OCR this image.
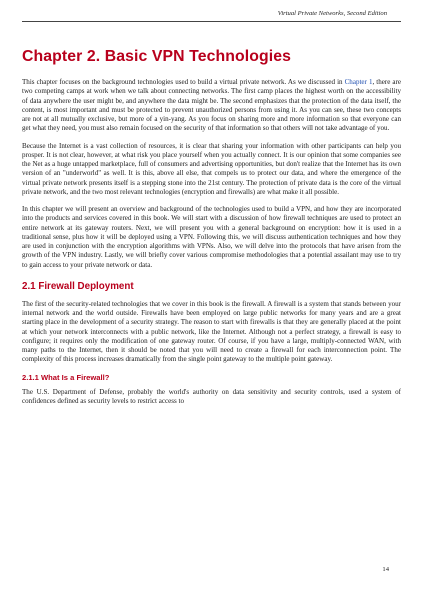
Virtual Private Networks, Second Edition
Chapter 2. Basic VPN Technologies

This chapter focuses on the background technologies used to build a virtual private network. As we discussed in Chapter 1, there are two competing camps at work when we talk about connecting networks. The first camp places the highest worth on the accessibility of data anywhere the user might be, and anywhere the data might be. The second emphasizes that the protection of the data itself, the content, is most important and must be protected to prevent unauthorized persons from using it. As you can see, these two concepts are not at all mutually exclusive, but more of a yin-yang. As you focus on sharing more and more information so that everyone can get what they need, you must also remain focused on the security of that information so that others will not take advantage of you.

Because the Internet is a vast collection of resources, it is clear that sharing your information with other participants can help you prosper. It is not clear, however, at what risk you place yourself when you actually connect. It is our opinion that some companies see the Net as a huge untapped marketplace, full of consumers and advertising opportunities, but don't realize that the Internet has its own version of an "underworld" as well. It is this, above all else, that compels us to protect our data, and where the emergence of the virtual private network presents itself is a stepping stone into the 21st century. The protection of private data is the core of the virtual private network, and the two most relevant technologies (encryption and firewalls) are what make it all possible.

In this chapter we will present an overview and background of the technologies used to build a VPN, and how they are incorporated into the products and services covered in this book. We will start with a discussion of how firewall techniques are used to protect an entire network at its gateway routers. Next, we will present you with a general background on encryption: how it is used in a traditional sense, plus how it will be deployed using a VPN. Following this, we will discuss authentication techniques and how they are used in conjunction with the encryption algorithms with VPNs. Also, we will delve into the protocols that have arisen from the growth of the VPN industry. Lastly, we will briefly cover various compromise methodologies that a potential assailant may use to try to gain access to your private network or data.

2.1 Firewall Deployment

The first of the security-related technologies that we cover in this book is the firewall. A firewall is a system that stands between your internal network and the world outside. Firewalls have been employed on large public networks for many years and are a great starting place in the development of a security strategy. The reason to start with firewalls is that they are generally placed at the point at which your network interconnects with a public network, like the Internet. Although not a perfect strategy, a firewall is easy to configure; it requires only the modification of one gateway router. Of course, if you have a large, multiply-connected WAN, with many paths to the Internet, then it should be noted that you will need to create a firewall for each interconnection point. The complexity of this process increases dramatically from the single point gateway to the multiple point gateway.

2.1.1 What Is a Firewall?

The U.S. Department of Defense, probably the world's authority on data sensitivity and security controls, used a system of confidences defined as security levels to restrict access to

14
